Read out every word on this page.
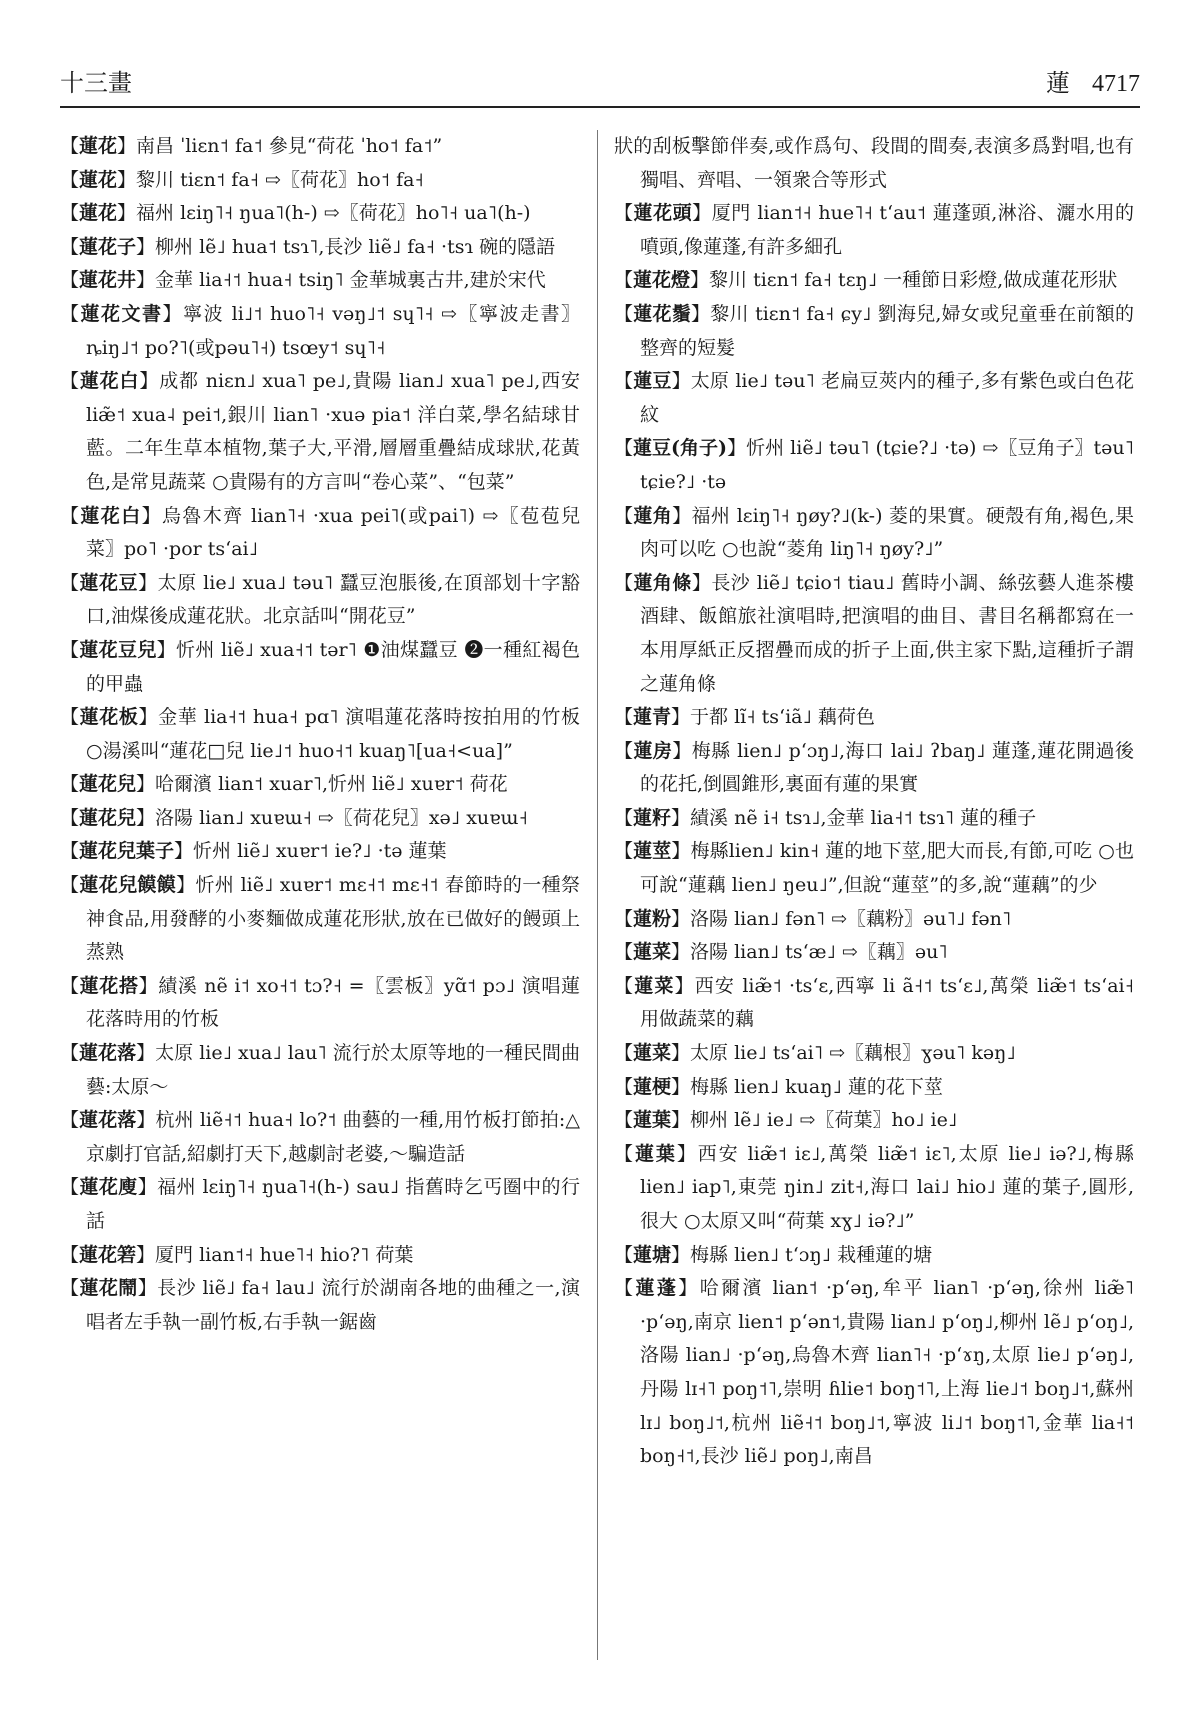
十三畫	蓮 4717
【蓮花】南昌 ˈliɛn˦ fa˦ 參見“荷花 ˈho˦ fa˦”
【蓮花】黎川 tiɛn˦ fa˧ ⇨〖荷花〗ho˦ fa˧
【蓮花】福州 lɛiŋ˥˧ ŋua˥(h-) ⇨〖荷花〗ho˥˧ ua˥(h-)
【蓮花子】柳州 lẽ˩ hua˦ tsɿ˥,長沙 liẽ˩ fa˧ ·tsɿ 碗的隱語
【蓮花井】金華 lia˧˦ hua˧ tsiŋ˥ 金華城裏古井,建於宋代
【蓮花文書】寧波 li˩˦ huo˥˧ vəŋ˩˦ sɥ˥˧ ⇨〖寧波走書〗ȵiŋ˩˦ po?˥(或pəu˥˧) tsœy˦ sɥ˥˧
【蓮花白】成都 niɛn˩ xua˥ pe˩,貴陽 lian˩ xua˥ pe˩,西安 liæ̃˦ xua˨ pei˦,銀川 lian˥ ·xuə pia˦ 洋白菜,學名結球甘藍。二年生草本植物,葉子大,平滑,層層重疊結成球狀,花黃色,是常見蔬菜 ○貴陽有的方言叫“卷心菜”、“包菜”
【蓮花白】烏魯木齊 lian˥˧ ·xua pei˥(或pai˥) ⇨〖苞苞兒菜〗po˥ ·por tsʻai˩
【蓮花豆】太原 lie˩ xua˩ təu˥ 蠶豆泡脹後,在頂部划十字豁口,油煤後成蓮花狀。北京話叫“開花豆”
【蓮花豆兒】忻州 liẽ˩ xua˧˦ tər˥ ❶油煤蠶豆 ❷一種紅褐色的甲蟲
【蓮花板】金華 lia˧˦ hua˧ pɑ˥ 演唱蓮花落時按拍用的竹板 ○湯溪叫“蓮花□兒 lie˩˦ huo˧˦ kuaŋ˥[ua˧<ua]”
【蓮花兒】哈爾濱 lian˦ xuar˥,忻州 liẽ˩ xuɐr˦ 荷花
【蓮花兒】洛陽 lian˩ xuɐɯ˧ ⇨〖荷花兒〗xə˩ xuɐɯ˧
【蓮花兒葉子】忻州 liẽ˩ xuɐr˦ ie?˩ ·tə 蓮葉
【蓮花兒饃饃】忻州 liẽ˩ xuɐr˦ mɛ˧˦ mɛ˧˦ 春節時的一種祭神食品,用發酵的小麥麵做成蓮花形狀,放在已做好的饅頭上蒸熟
【蓮花搭】績溪 nẽ i˦ xo˧˦ tɔ?˧ =〖雲板〗yɑ̃˦ pɔ˩ 演唱蓮花落時用的竹板
【蓮花落】太原 lie˩ xua˩ lau˥ 流行於太原等地的一種民間曲藝:太原～
【蓮花落】杭州 liẽ˧˦ hua˧ lo?˦ 曲藝的一種,用竹板打節拍:△京劇打官話,紹劇打天下,越劇討老婆,～騙造話
【蓮花廋】福州 lɛiŋ˥˧ ŋua˥˧(h-) sau˩ 指舊時乞丐圈中的行話
【蓮花箬】厦門 lian˦˧ hue˥˧ hio?˥ 荷葉
【蓮花鬧】長沙 liẽ˩ fa˧ lau˩ 流行於湖南各地的曲種之一,演唱者左手執一副竹板,右手執一鋸齒
狀的刮板擊節伴奏,或作爲句、段間的間奏,表演多爲對唱,也有獨唱、齊唱、一領衆合等形式
【蓮花頭】厦門 lian˦˧ hue˥˧ tʻau˦ 蓮蓬頭,淋浴、灑水用的噴頭,像蓮蓬,有許多細孔
【蓮花燈】黎川 tiɛn˦ fa˧ tɛŋ˩ 一種節日彩燈,做成蓮花形狀
【蓮花鬚】黎川 tiɛn˦ fa˧ ɕy˩ 劉海兒,婦女或兒童垂在前額的整齊的短髮
【蓮豆】太原 lie˩ təu˥ 老扁豆莢内的種子,多有紫色或白色花紋
【蓮豆(角子)】忻州 liẽ˩ təu˥ (tɕie?˩ ·tə) ⇨〖豆角子〗təu˥ tɕie?˩ ·tə
【蓮角】福州 lɛiŋ˥˧ ŋøy?˩(k-) 菱的果實。硬殼有角,褐色,果肉可以吃 ○也說“菱角 liŋ˥˧ ŋøy?˩”
【蓮角條】長沙 liẽ˩ tɕio˦ tiau˩ 舊時小調、絲弦藝人進茶樓酒肆、飯館旅社演唱時,把演唱的曲目、書目名稱都寫在一本用厚紙正反摺疊而成的折子上面,供主家下點,這種折子謂之蓮角條
【蓮青】于都 lĩ˧ tsʻiã˩ 藕荷色
【蓮房】梅縣 lien˩ pʻɔŋ˩,海口 lai˩ ʔbaŋ˩ 蓮蓬,蓮花開過後的花托,倒圓錐形,裏面有蓮的果實
【蓮籽】績溪 nẽ i˧ tsɿ˩,金華 lia˧˦ tsɿ˥ 蓮的種子
【蓮莖】梅縣lien˩ kin˧ 蓮的地下莖,肥大而長,有節,可吃 ○也可說“蓮藕 lien˩ ŋeu˩”,但說“蓮莖”的多,說“蓮藕”的少
【蓮粉】洛陽 lian˩ fən˥ ⇨〖藕粉〗əu˥˩ fən˥
【蓮菜】洛陽 lian˩ tsʻæ˩ ⇨〖藕〗əu˥
【蓮菜】西安 liæ̃˦ ·tsʻɛ,西寧 li ã˧˦ tsʻɛ˩,萬榮 liæ̃˦ tsʻai˧ 用做蔬菜的藕
【蓮菜】太原 lie˩ tsʻai˥ ⇨〖藕根〗ɣəu˥ kəŋ˩
【蓮梗】梅縣 lien˩ kuaŋ˩ 蓮的花下莖
【蓮葉】柳州 lẽ˩ ie˩ ⇨〖荷葉〗ho˩ ie˩
【蓮葉】西安 liæ̃˦ iɛ˩,萬榮 liæ̃˦ iɛ˥,太原 lie˩ iə?˩,梅縣 lien˩ iap˥,東莞 ŋin˩ zit˧,海口 lai˩ hio˩ 蓮的葉子,圓形,很大 ○太原又叫“荷葉 xɣ˩ iə?˩”
【蓮塘】梅縣 lien˩ tʻɔŋ˩ 栽種蓮的塘
【蓮蓬】哈爾濱 lian˦ ·pʻəŋ,牟平 lian˥ ·pʻəŋ,徐州 liæ̃˥ ·pʻəŋ,南京 lien˦ pʻən˦,貴陽 lian˩ pʻoŋ˩,柳州 lẽ˩ pʻoŋ˩,洛陽 lian˩ ·pʻəŋ,烏魯木齊 lian˥˧ ·pʻɤŋ,太原 lie˩ pʻəŋ˩,丹陽 lɪ˧˥ poŋ˦˥,崇明 ɦlie˦ boŋ˦˥,上海 lie˩˦ boŋ˩˦,蘇州 lɪ˩ boŋ˩˦,杭州 liẽ˧˦ boŋ˩˦,寧波 li˩˦ boŋ˦˥,金華 lia˧˦ boŋ˧˦,長沙 liẽ˩ poŋ˩,南昌
